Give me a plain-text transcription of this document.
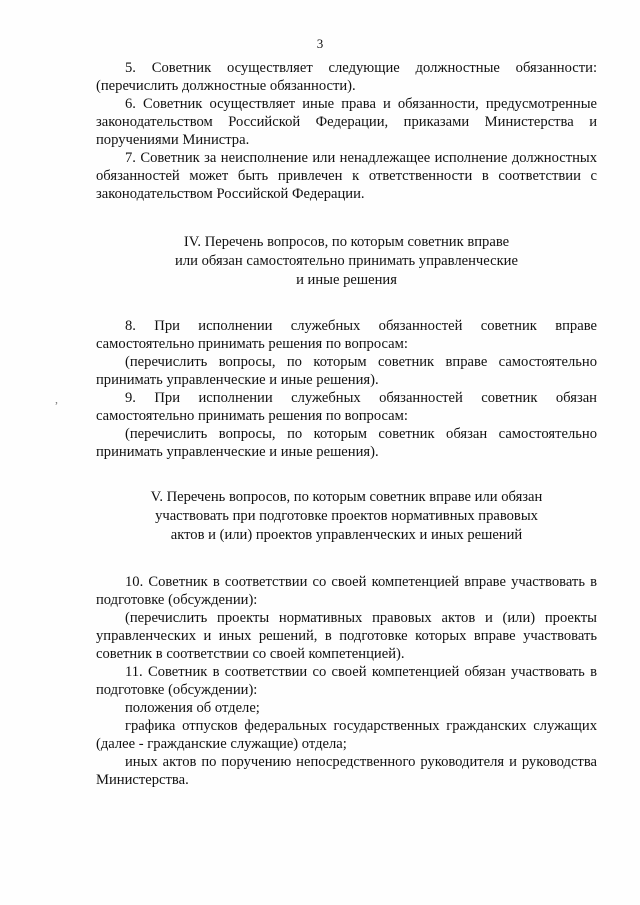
3

5. Советник осуществляет следующие должностные обязанности:

(перечислить должностные обязанности).

6. Советник осуществляет иные права и обязанности, предусмотренные законодательством Российской Федерации, приказами Министерства и поручениями Министра.

7. Советник за неисполнение или ненадлежащее исполнение должностных обязанностей может быть привлечен к ответственности в соответствии с законодательством Российской Федерации.

IV. Перечень вопросов, по которым советник вправе
или обязан самостоятельно принимать управленческие
и иные решения

8. При исполнении служебных обязанностей советник вправе самостоятельно принимать решения по вопросам:

(перечислить вопросы, по которым советник вправе самостоятельно принимать управленческие и иные решения).

9. При исполнении служебных обязанностей советник обязан самостоятельно принимать решения по вопросам:

(перечислить вопросы, по которым советник обязан самостоятельно принимать управленческие и иные решения).

V. Перечень вопросов, по которым советник вправе или обязан
участвовать при подготовке проектов нормативных правовых
актов и (или) проектов управленческих и иных решений

10. Советник в соответствии со своей компетенцией вправе участвовать в подготовке (обсуждении):

(перечислить проекты нормативных правовых актов и (или) проекты управленческих и иных решений, в подготовке которых вправе участвовать советник в соответствии со своей компетенцией).

11. Советник в соответствии со своей компетенцией обязан участвовать в подготовке (обсуждении):

положения об отделе;

графика отпусков федеральных государственных гражданских служащих (далее - гражданские служащие) отдела;

иных актов по поручению непосредственного руководителя и руководства Министерства.

,
